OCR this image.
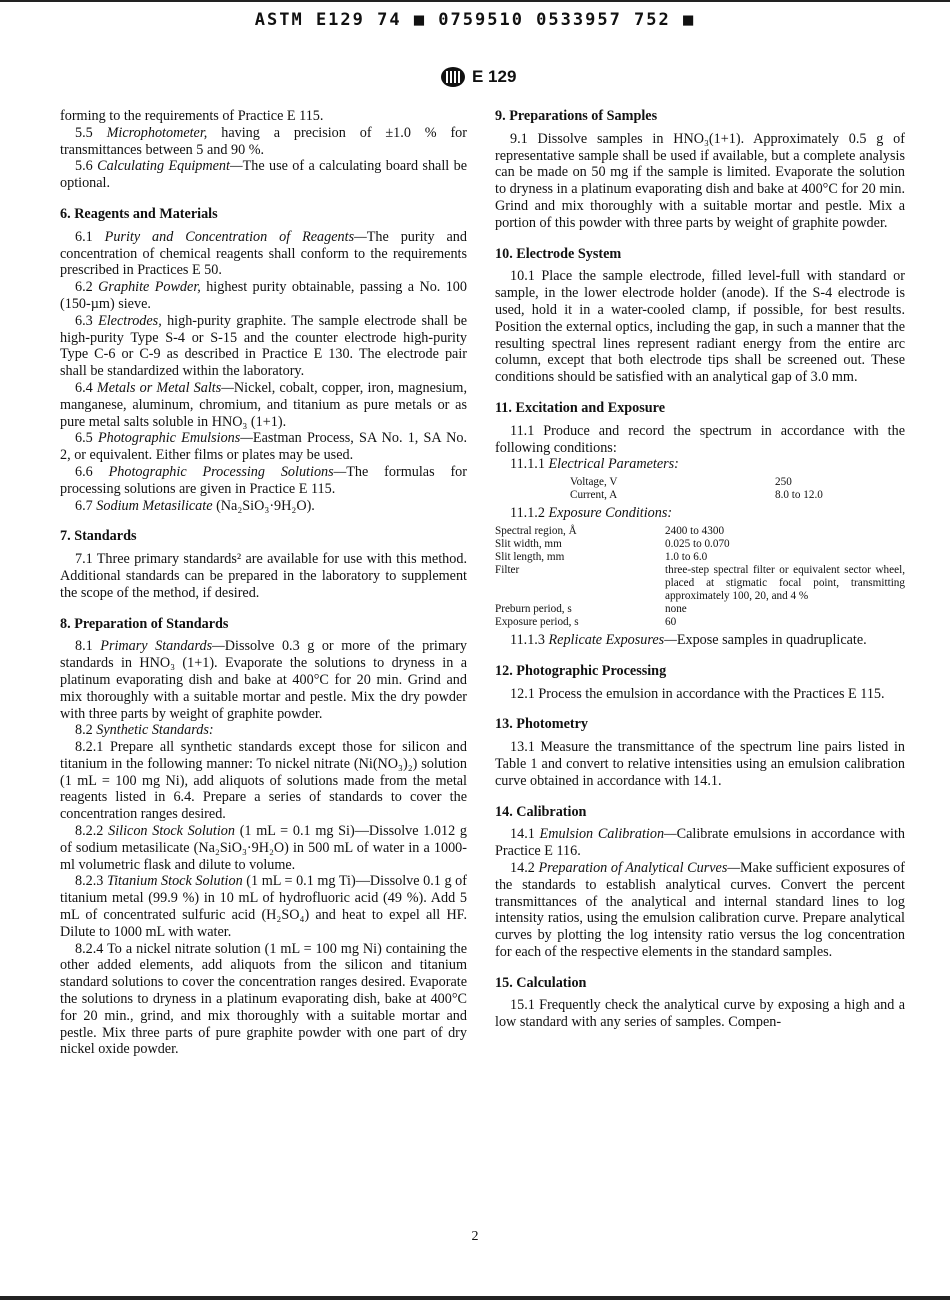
ASTM E129 74 ■ 0759510 0533957 752 ■
E 129

forming to the requirements of Practice E 115.

5.5 Microphotometer, having a precision of ±1.0 % for transmittances between 5 and 90 %.

5.6 Calculating Equipment—The use of a calculating board shall be optional.

6. Reagents and Materials

6.1 Purity and Concentration of Reagents—The purity and concentration of chemical reagents shall conform to the requirements prescribed in Practices E 50.

6.2 Graphite Powder, highest purity obtainable, passing a No. 100 (150-µm) sieve.

6.3 Electrodes, high-purity graphite. The sample electrode shall be high-purity Type S-4 or S-15 and the counter electrode high-purity Type C-6 or C-9 as described in Practice E 130. The electrode pair shall be standardized within the laboratory.

6.4 Metals or Metal Salts—Nickel, cobalt, copper, iron, magnesium, manganese, aluminum, chromium, and titanium as pure metals or as pure metal salts soluble in HNO₃ (1+1).

6.5 Photographic Emulsions—Eastman Process, SA No. 1, SA No. 2, or equivalent. Either films or plates may be used.

6.6 Photographic Processing Solutions—The formulas for processing solutions are given in Practice E 115.

6.7 Sodium Metasilicate (Na₂SiO₃·9H₂O).

7. Standards

7.1 Three primary standards² are available for use with this method. Additional standards can be prepared in the laboratory to supplement the scope of the method, if desired.

8. Preparation of Standards

8.1 Primary Standards—Dissolve 0.3 g or more of the primary standards in HNO₃ (1+1). Evaporate the solutions to dryness in a platinum evaporating dish and bake at 400°C for 20 min. Grind and mix thoroughly with a suitable mortar and pestle. Mix the dry powder with three parts by weight of graphite powder.

8.2 Synthetic Standards:

8.2.1 Prepare all synthetic standards except those for silicon and titanium in the following manner: To nickel nitrate (Ni(NO₃)₂) solution (1 mL = 100 mg Ni), add aliquots of solutions made from the metal reagents listed in 6.4. Prepare a series of standards to cover the concentration ranges desired.

8.2.2 Silicon Stock Solution (1 mL = 0.1 mg Si)—Dissolve 1.012 g of sodium metasilicate (Na₂SiO₃·9H₂O) in 500 mL of water in a 1000-ml volumetric flask and dilute to volume.

8.2.3 Titanium Stock Solution (1 mL = 0.1 mg Ti)—Dissolve 0.1 g of titanium metal (99.9 %) in 10 mL of hydrofluoric acid (49 %). Add 5 mL of concentrated sulfuric acid (H₂SO₄) and heat to expel all HF. Dilute to 1000 mL with water.

8.2.4 To a nickel nitrate solution (1 mL = 100 mg Ni) containing the other added elements, add aliquots from the silicon and titanium standard solutions to cover the concentration ranges desired. Evaporate the solutions to dryness in a platinum evaporating dish, bake at 400°C for 20 min., grind, and mix thoroughly with a suitable mortar and pestle. Mix three parts of pure graphite powder with one part of dry nickel oxide powder.

9. Preparations of Samples

9.1 Dissolve samples in HNO₃(1+1). Approximately 0.5 g of representative sample shall be used if available, but a complete analysis can be made on 50 mg if the sample is limited. Evaporate the solution to dryness in a platinum evaporating dish and bake at 400°C for 20 min. Grind and mix thoroughly with a suitable mortar and pestle. Mix a portion of this powder with three parts by weight of graphite powder.

10. Electrode System

10.1 Place the sample electrode, filled level-full with standard or sample, in the lower electrode holder (anode). If the S-4 electrode is used, hold it in a water-cooled clamp, if possible, for best results. Position the external optics, including the gap, in such a manner that the resulting spectral lines represent radiant energy from the entire arc column, except that both electrode tips shall be screened out. These conditions should be satisfied with an analytical gap of 3.0 mm.

11. Excitation and Exposure

11.1 Produce and record the spectrum in accordance with the following conditions:

11.1.1 Electrical Parameters:

Voltage, V	250
Current, A	8.0 to 12.0

11.1.2 Exposure Conditions:

Spectral region, Å	2400 to 4300
Slit width, mm	0.025 to 0.070
Slit length, mm	1.0 to 6.0
Filter	three-step spectral filter or equivalent sector wheel, placed at stigmatic focal point, transmitting approximately 100, 20, and 4 %
Preburn period, s	none
Exposure period, s	60

11.1.3 Replicate Exposures—Expose samples in quadruplicate.

12. Photographic Processing

12.1 Process the emulsion in accordance with the Practices E 115.

13. Photometry

13.1 Measure the transmittance of the spectrum line pairs listed in Table 1 and convert to relative intensities using an emulsion calibration curve obtained in accordance with 14.1.

14. Calibration

14.1 Emulsion Calibration—Calibrate emulsions in accordance with Practice E 116.

14.2 Preparation of Analytical Curves—Make sufficient exposures of the standards to establish analytical curves. Convert the percent transmittances of the analytical and internal standard lines to log intensity ratios, using the emulsion calibration curve. Prepare analytical curves by plotting the log intensity ratio versus the log concentration for each of the respective elements in the standard samples.

15. Calculation

15.1 Frequently check the analytical curve by exposing a high and a low standard with any series of samples. Compen-

2
